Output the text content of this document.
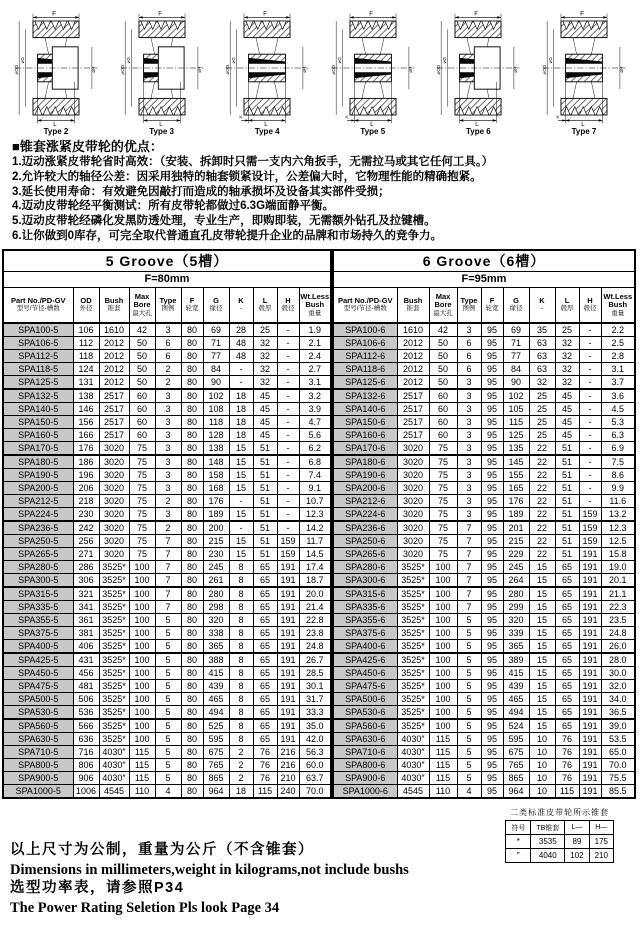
F
⌀OD
⌀G
⌀H
K
L
Type 2
F
⌀OD
⌀G
⌀H
K
L
Type 3
F
⌀OD
⌀G
⌀H
K
L
Type 4
F
⌀OD
⌀G
⌀H
K
L
Type 5
F
⌀OD
⌀G
⌀H
K
L
Type 6
F
⌀OD
⌀G
⌀H
K
L
Type 7
■锥套涨紧皮带轮的优点：
1.迈动涨紧皮带轮省时高效：（安装、拆卸时只需一支内六角扳手，无需拉马或其它任何工具。）
2.允许较大的轴径公差：因采用独特的轴套锁紧设计，公差偏大时，它物理性能的精确抱紧。
3.延长使用寿命：有效避免因敲打而造成的轴承损坏及设备其实部件受损；
4.迈动皮带轮经平衡测试：所有皮带轮都做过6.3G端面静平衡。
5.迈动皮带轮经磷化发黑防透处理，专业生产，即购即装，无需额外钻孔及拉键槽。
6.让你做到0库存，可完全取代普通直孔皮带轮提升企业的品牌和市场持久的竞争力。
5 Groove（5槽）										
F=80mm										

Part No./PD-GV
型号/节径-槽数

OD
外径

Bush
锥套

Max Bore
最大孔

Type
图例

F
轮宽

G
缘径

K
-

L
毂厚

H
毂径

Wt.Less Bush
重量

SPA100-5	106	1610	42	3	80	69	28	25	-	1.9
SPA106-5	112	2012	50	6	80	71	48	32	-	2.1
SPA112-5	118	2012	50	6	80	77	48	32	-	2.4
SPA118-5	124	2012	50	2	80	84	-	32	-	2.7
SPA125-5	131	2012	50	2	80	90	-	32	-	3.1
SPA132-5	138	2517	60	3	80	102	18	45	-	3.2
SPA140-5	146	2517	60	3	80	108	18	45	-	3.9
SPA150-5	156	2517	60	3	80	118	18	45	-	4.7
SPA160-5	166	2517	60	3	80	128	18	45	-	5.6
SPA170-5	176	3020	75	3	80	138	15	51	-	6.2
SPA180-5	186	3020	75	3	80	148	15	51	-	6.8
SPA190-5	196	3020	75	3	80	158	15	51	-	7.4
SPA200-5	206	3020	75	3	80	168	15	51	-	9.1
SPA212-5	218	3020	75	2	80	176	-	51	-	10.7
SPA224-5	230	3020	75	3	80	189	15	51	-	12.3
SPA236-5	242	3020	75	2	80	200	-	51	-	14.2
SPA250-5	256	3020	75	7	80	215	15	51	159	11.7
SPA265-5	271	3020	75	7	80	230	15	51	159	14.5
SPA280-5	286	3525*	100	7	80	245	8	65	191	17.4
SPA300-5	306	3525*	100	7	80	261	8	65	191	18.7
SPA315-5	321	3525*	100	7	80	280	8	65	191	20.0
SPA335-5	341	3525*	100	7	80	298	8	65	191	21.4
SPA355-5	361	3525*	100	5	80	320	8	65	191	22.8
SPA375-5	381	3525*	100	5	80	338	8	65	191	23.8
SPA400-5	406	3525*	100	5	80	365	8	65	191	24.8
SPA425-5	431	3525*	100	5	80	388	8	65	191	26.7
SPA450-5	456	3525*	100	5	80	415	8	65	191	28.5
SPA475-5	481	3525*	100	5	80	439	8	65	191	30.1
SPA500-5	506	3525*	100	5	80	465	8	65	191	31.7
SPA530-5	536	3525*	100	5	80	494	8	65	191	33.3
SPA560-5	566	3525*	100	5	80	525	8	65	191	35.0
SPA630-5	636	3525*	100	5	80	595	8	65	191	42.0
SPA710-5	716	4030″	115	5	80	675	2	76	216	56.3
SPA800-5	806	4030″	115	5	80	765	2	76	216	60.0
SPA900-5	906	4030″	115	5	80	865	2	76	210	63.7
SPA1000-5	1006	4545	110	4	80	964	18	115	240	70.0
6 Groove（6槽）									
F=95mm									

Part No./PD-GV
型号/节径-槽数

Bush
锥套

Max Bore
最大孔

Type
图例

F
轮宽

G
缘径

K
-

L
毂厚

H
毂径

Wt.Less Bush
重量

SPA100-6	1610	42	3	95	69	35	25	-	2.2
SPA106-6	2012	50	6	95	71	63	32	-	2.5
SPA112-6	2012	50	6	95	77	63	32	-	2.8
SPA118-6	2012	50	6	95	84	63	32	-	3.1
SPA125-6	2012	50	3	95	90	32	32	-	3.7
SPA132-6	2517	60	3	95	102	25	45	-	3.6
SPA140-6	2517	60	3	95	105	25	45	-	4.5
SPA150-6	2517	60	3	95	115	25	45	-	5.3
SPA160-6	2517	60	3	95	125	25	45	-	6.3
SPA170-6	3020	75	3	95	135	22	51	-	6.9
SPA180-6	3020	75	3	95	145	22	51	-	7.5
SPA190-6	3020	75	3	95	155	22	51	-	8.6
SPA200-6	3020	75	3	95	165	22	51	-	9.9
SPA212-6	3020	75	3	95	176	22	51	-	11.6
SPA224-6	3020	75	3	95	189	22	51	159	13.2
SPA236-6	3020	75	7	95	201	22	51	159	12.3
SPA250-6	3020	75	7	95	215	22	51	159	12.5
SPA265-6	3020	75	7	95	229	22	51	191	15.8
SPA280-6	3525*	100	7	95	245	15	65	191	19.0
SPA300-6	3525*	100	7	95	264	15	65	191	20.1
SPA315-6	3525*	100	7	95	280	15	65	191	21.1
SPA335-6	3525*	100	7	95	299	15	65	191	22.3
SPA355-6	3525*	100	5	95	320	15	65	191	23.5
SPA375-6	3525*	100	5	95	339	15	65	191	24.8
SPA400-6	3525*	100	5	95	365	15	65	191	26.0
SPA425-6	3525*	100	5	95	389	15	65	191	28.0
SPA450-6	3525*	100	5	95	415	15	65	191	30.0
SPA475-6	3525*	100	5	95	439	15	65	191	32.0
SPA500-6	3525*	100	5	95	465	15	65	191	34.0
SPA530-6	3525*	100	5	95	494	15	65	191	36.5
SPA560-6	3525*	100	5	95	524	15	65	191	39.0
SPA630-6	4030″	115	5	95	595	10	76	191	53.5
SPA710-6	4030″	115	5	95	675	10	76	191	65.0
SPA800-6	4030″	115	5	95	765	10	76	191	70.0
SPA900-6	4030″	115	5	95	865	10	76	191	75.5
SPA1000-6	4545	110	4	95	964	10	115	191	85.5
二类标准皮带轮所示锥套
符号	TB锥套	L—	H—
*	3535	89	175
″	4040	102	210
以上尺寸为公制，重量为公斤（不含锥套）
Dimensions in millimeters,weight in kilograms,not include bushs
选型功率表，请参照P34
The Power Rating Seletion Pls look Page 34
